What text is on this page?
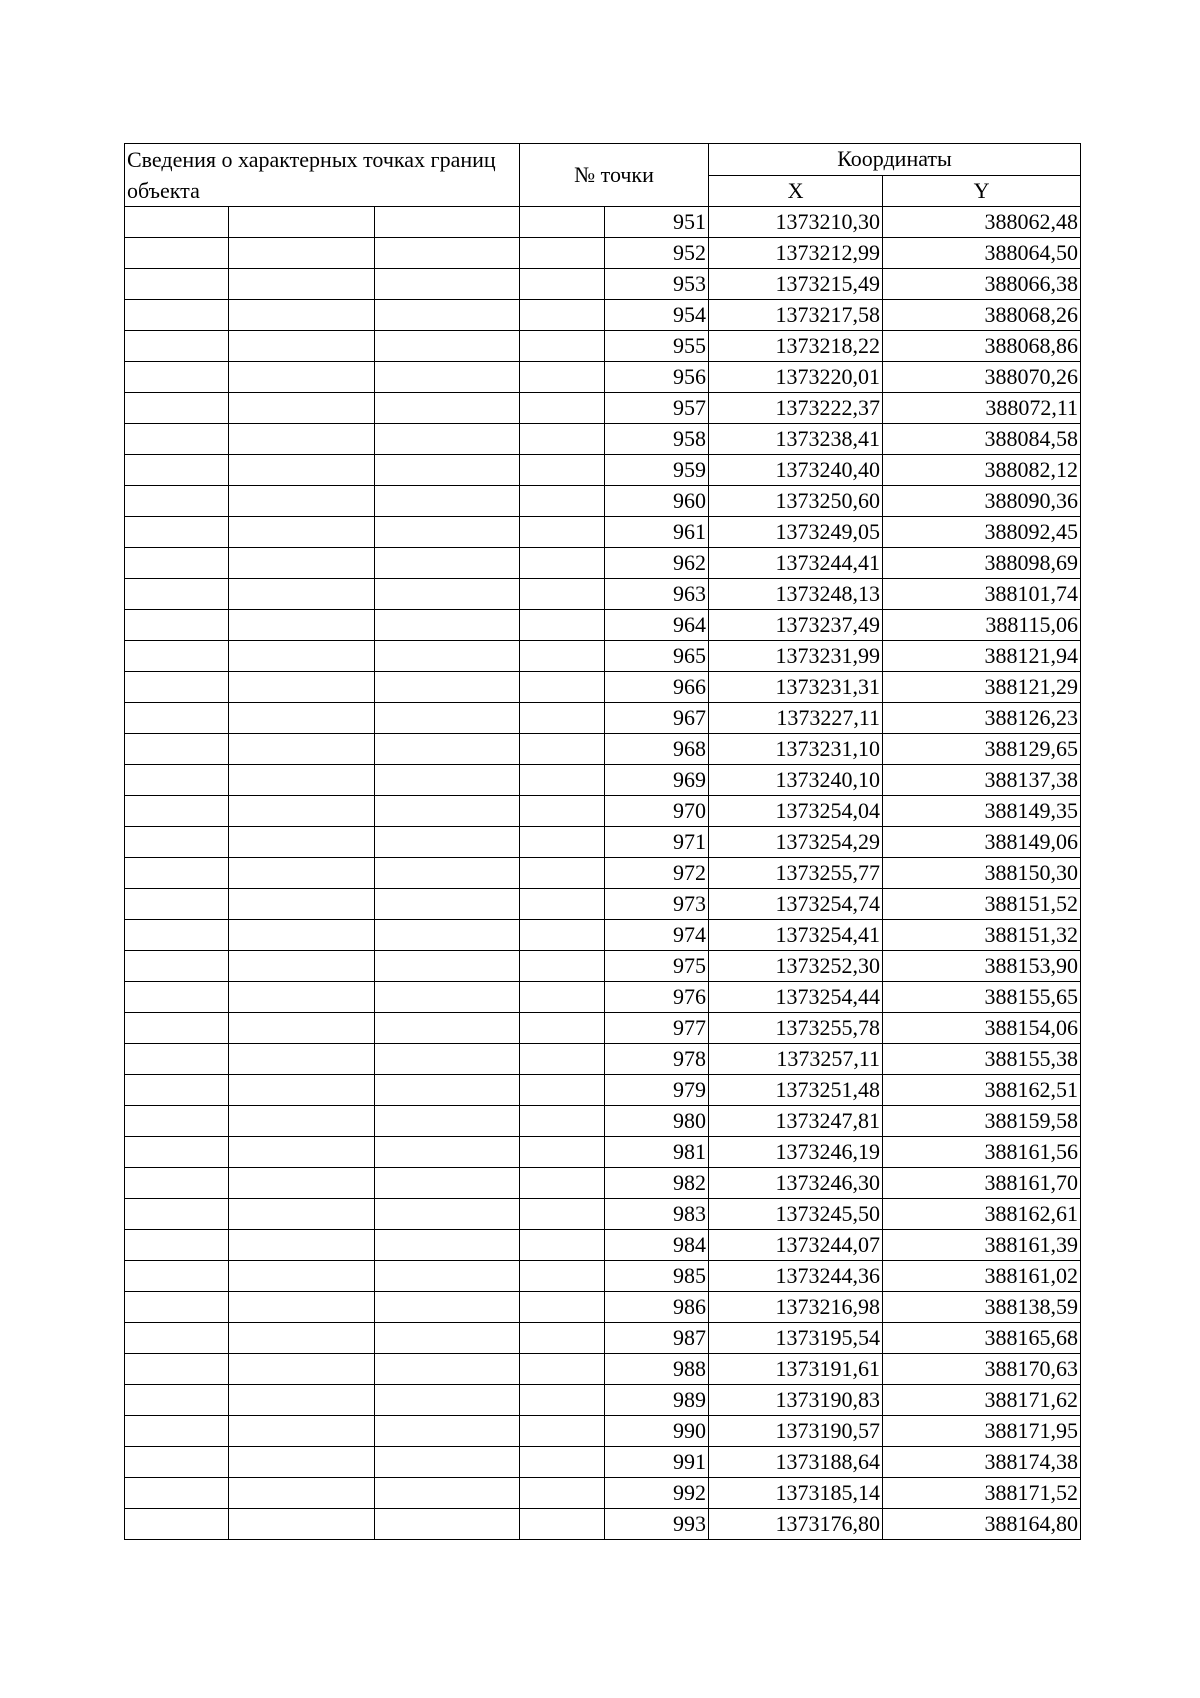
Сведения о характерных точках границ объекта			№ точки		Координаты	
					X	Y
				951	1373210,30	388062,48
				952	1373212,99	388064,50
				953	1373215,49	388066,38
				954	1373217,58	388068,26
				955	1373218,22	388068,86
				956	1373220,01	388070,26
				957	1373222,37	388072,11
				958	1373238,41	388084,58
				959	1373240,40	388082,12
				960	1373250,60	388090,36
				961	1373249,05	388092,45
				962	1373244,41	388098,69
				963	1373248,13	388101,74
				964	1373237,49	388115,06
				965	1373231,99	388121,94
				966	1373231,31	388121,29
				967	1373227,11	388126,23
				968	1373231,10	388129,65
				969	1373240,10	388137,38
				970	1373254,04	388149,35
				971	1373254,29	388149,06
				972	1373255,77	388150,30
				973	1373254,74	388151,52
				974	1373254,41	388151,32
				975	1373252,30	388153,90
				976	1373254,44	388155,65
				977	1373255,78	388154,06
				978	1373257,11	388155,38
				979	1373251,48	388162,51
				980	1373247,81	388159,58
				981	1373246,19	388161,56
				982	1373246,30	388161,70
				983	1373245,50	388162,61
				984	1373244,07	388161,39
				985	1373244,36	388161,02
				986	1373216,98	388138,59
				987	1373195,54	388165,68
				988	1373191,61	388170,63
				989	1373190,83	388171,62
				990	1373190,57	388171,95
				991	1373188,64	388174,38
				992	1373185,14	388171,52
				993	1373176,80	388164,80
